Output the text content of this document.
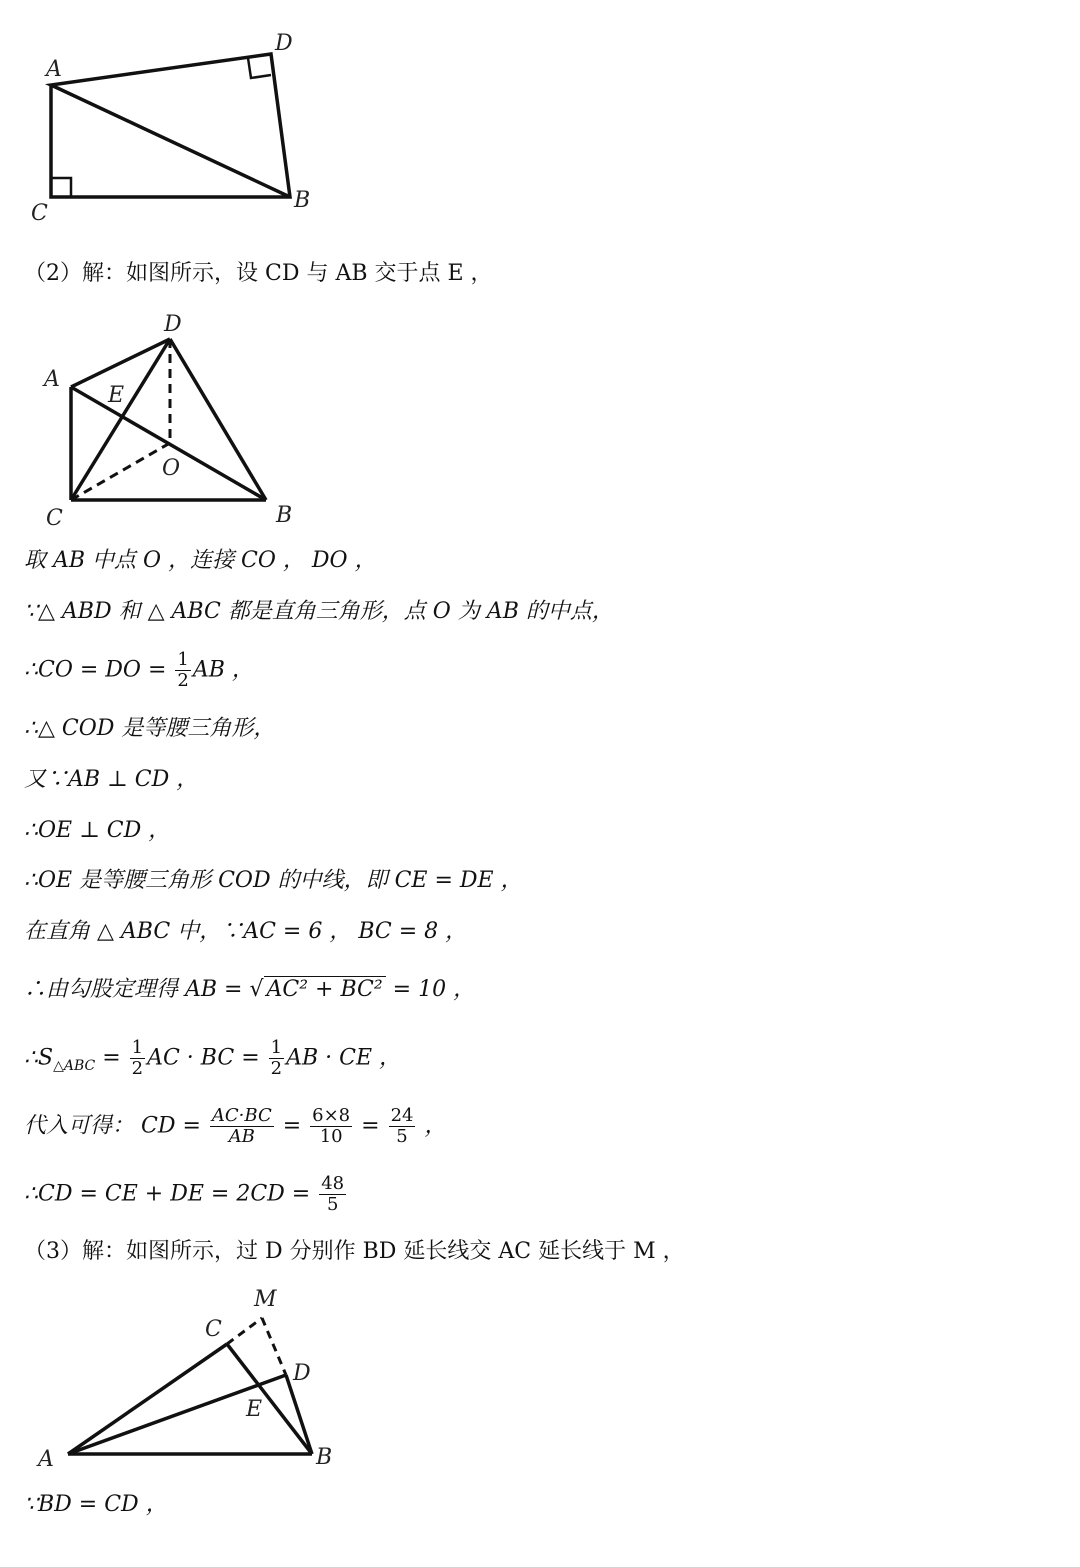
A
D
C
B
（2）解：如图所示，设 CD 与 AB 交于点 E ，
A
D
E
O
C	B
取 AB 中点 O ，连接 CO ， DO ，
∵△ ABD 和 △ ABC 都是直角三角形，点 O 为 AB 的中点，
∴CO = DO = $\frac{1}{2}$ AB ，
∴△ COD 是等腰三角形，
又∵AB ⊥ CD ，
∴OE ⊥ CD ，
∴OE 是等腰三角形 COD 的中线，即 CE = DE ，
在直角 △ ABC 中，∵AC = 6 ， BC = 8 ，
∴由勾股定理得 AB = √ AC² + BC² = 10 ，
$\therefore S_{\triangle ABC} = \frac{1}{2}$ AC · BC = $\frac{1}{2}$ AB · CE ，
代入可得： CD = $\frac{AC\cdot BC}{AB} = \frac{6\times 8}{10} = \frac{24}{5}$ ，
∴CD = CE + DE = $2CD = \frac{48}{5}$
（3）解：如图所示，过 D 分别作 BD 延长线交 AC 延长线于 M ，
M
C
D
E
A	B
∵BD = CD ，
